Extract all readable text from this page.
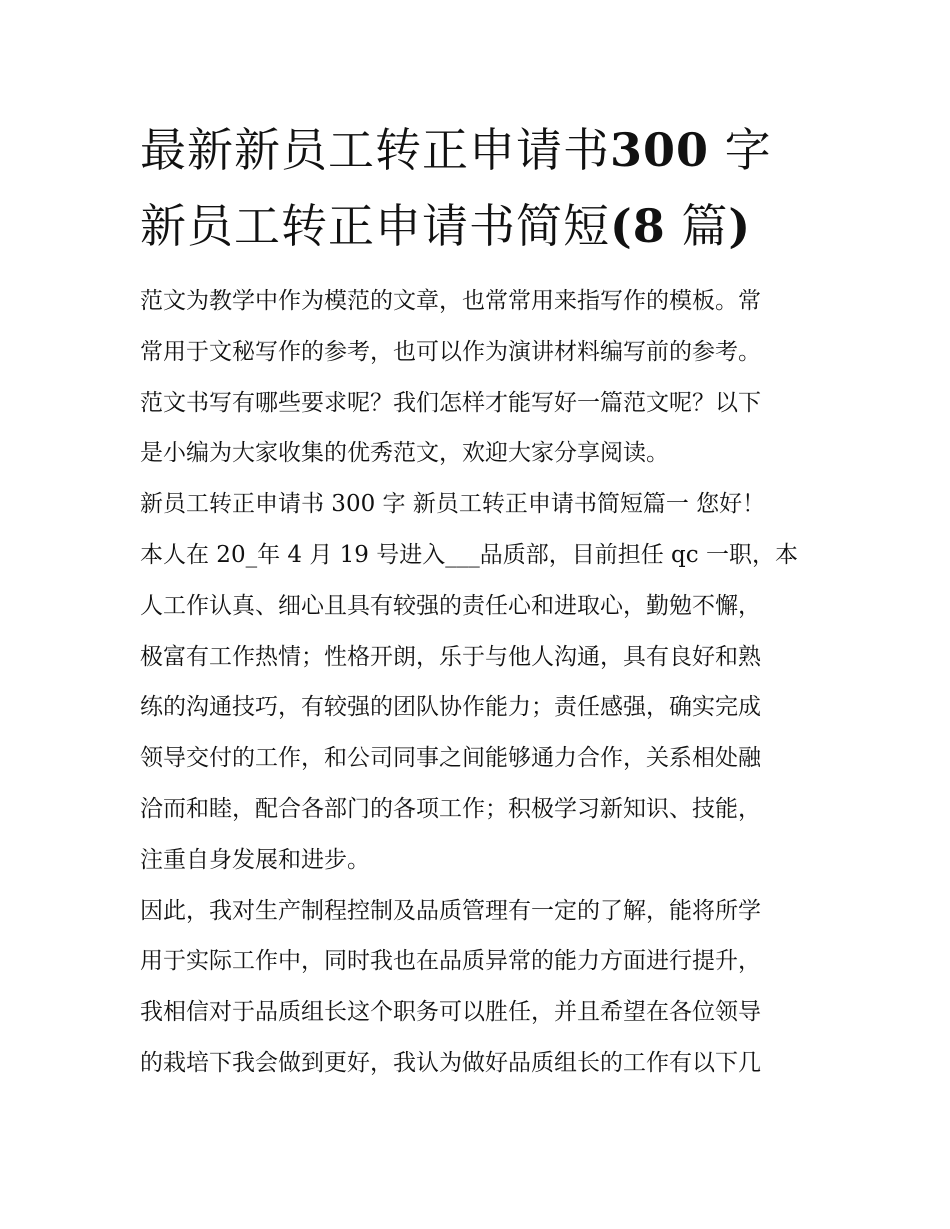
最新新员工转正申请书300 字
新员工转正申请书简短(8 篇)

范文为教学中作为模范的文章，也常常用来指写作的模板。常
常用于文秘写作的参考，也可以作为演讲材料编写前的参考。
范文书写有哪些要求呢？我们怎样才能写好一篇范文呢？以下
是小编为大家收集的优秀范文，欢迎大家分享阅读。

新员工转正申请书 300 字 新员工转正申请书简短篇一 您好！
本人在 20_年 4 月 19 号进入___品质部，目前担任 qc 一职，本
人工作认真、细心且具有较强的责任心和进取心，勤勉不懈，
极富有工作热情；性格开朗，乐于与他人沟通，具有良好和熟
练的沟通技巧，有较强的团队协作能力；责任感强，确实完成
领导交付的工作，和公司同事之间能够通力合作，关系相处融
洽而和睦，配合各部门的各项工作；积极学习新知识、技能，
注重自身发展和进步。

因此，我对生产制程控制及品质管理有一定的了解，能将所学
用于实际工作中，同时我也在品质异常的能力方面进行提升，
我相信对于品质组长这个职务可以胜任，并且希望在各位领导
的栽培下我会做到更好，我认为做好品质组长的工作有以下几
